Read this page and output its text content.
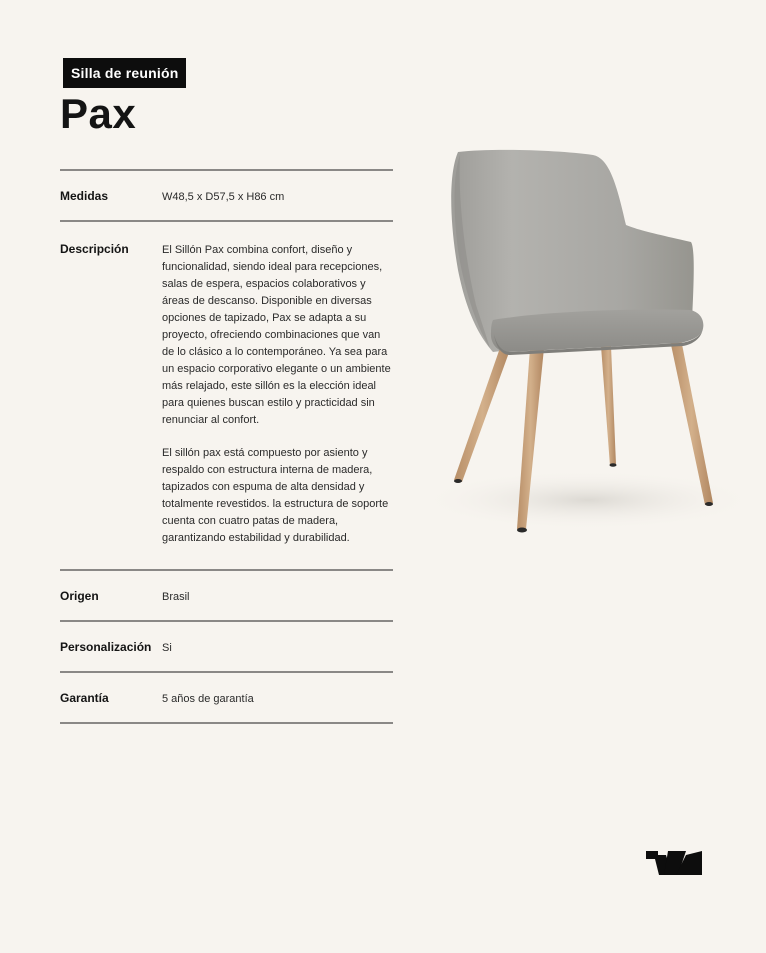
Silla de reunión
Pax
Medidas	W48,5 x D57,5 x H86 cm
Descripción	El Sillón Pax combina confort, diseño y funcionalidad, siendo ideal para recepciones, salas de espera, espacios colaborativos y áreas de descanso. Disponible en diversas opciones de tapizado, Pax se adapta a su proyecto, ofreciendo combinaciones que van de lo clásico a lo contemporáneo. Ya sea para un espacio corporativo elegante o un ambiente más relajado, este sillón es la elección ideal para quienes buscan estilo y practicidad sin renunciar al confort.

El sillón pax está compuesto por asiento y respaldo con estructura interna de madera, tapizados con espuma de alta densidad y totalmente revestidos. la estructura de soporte cuenta con cuatro patas de madera, garantizando estabilidad y durabilidad.

Origen	Brasil
Personalización Si
Garantía	5 años de garantía
